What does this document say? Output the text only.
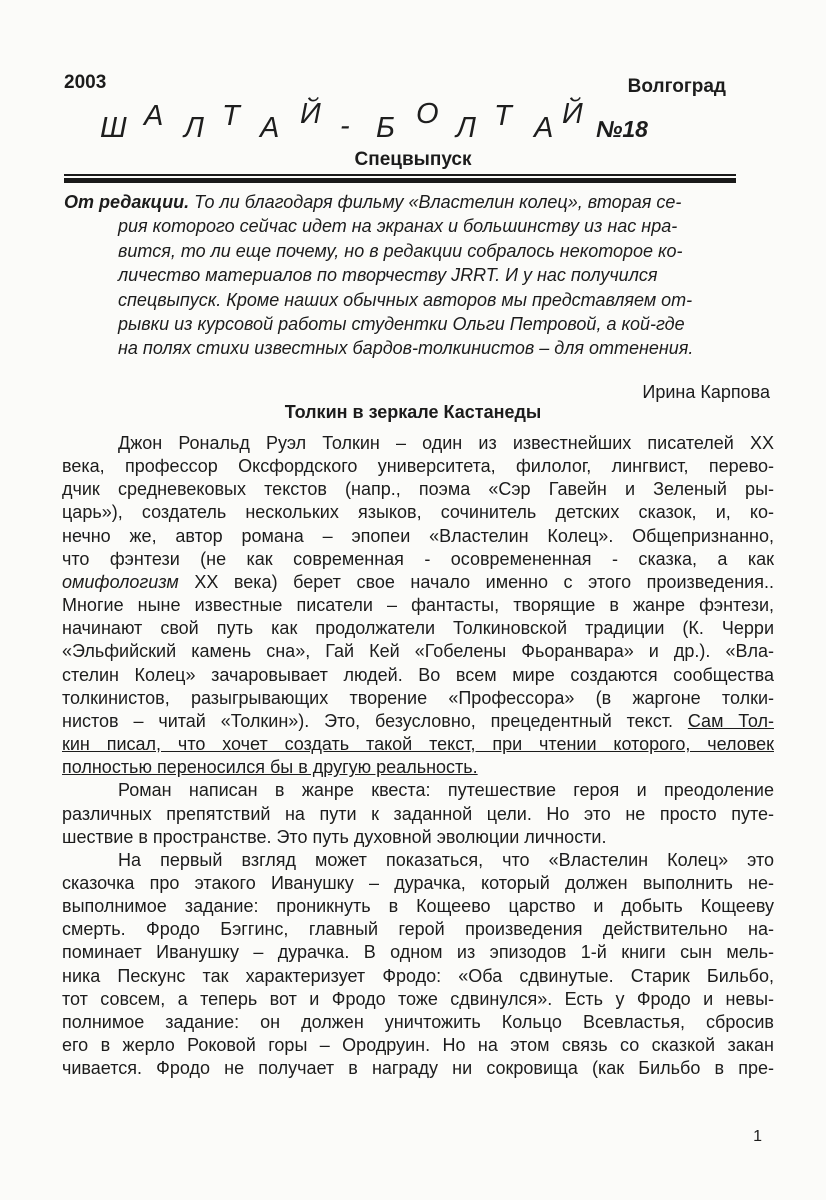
2003	Волгоград
Ш А Л Т А Й - Б О Л Т А Й №18
Спецвыпуск
От редакции. То ли благодаря фильму «Властелин колец», вторая се-
рия которого сейчас идет на экранах и большинству из нас нра-
вится, то ли еще почему, но в редакции собралось некоторое ко-
личество материалов по творчеству JRRT. И у нас получился
спецвыпуск. Кроме наших обычных авторов мы представляем от-
рывки из курсовой работы студентки Ольги Петровой, а кой-где
на полях стихи известных бардов-толкинистов – для оттенения.
Ирина Карпова
Толкин в зеркале Кастанеды
Джон Рональд Руэл Толкин – один из известнейших писателей XX
века, профессор Оксфордского университета, филолог, лингвист, перево-
дчик средневековых текстов (напр., поэма «Сэр Гавейн и Зеленый ры-
царь»), создатель нескольких языков, сочинитель детских сказок, и, ко-
нечно же, автор романа – эпопеи «Властелин Колец». Общепризнанно,
что фэнтези (не как современная - осовремененная - сказка, а как
омифологизм XX века) берет свое начало именно с этого произведения..
Многие ныне известные писатели – фантасты, творящие в жанре фэнтези,
начинают свой путь как продолжатели Толкиновской традиции (К. Черри
«Эльфийский камень сна», Гай Кей «Гобелены Фьоранвара» и др.). «Вла-
стелин Колец» зачаровывает людей. Во всем мире создаются сообщества
толкинистов, разыгрывающих творение «Профессора» (в жаргоне толки-
нистов – читай «Толкин»). Это, безусловно, прецедентный текст. Сам Тол-
кин писал, что хочет создать такой текст, при чтении которого, человек
полностью переносился бы в другую реальность.
Роман написан в жанре квеста: путешествие героя и преодоление
различных препятствий на пути к заданной цели. Но это не просто путе-
шествие в пространстве. Это путь духовной эволюции личности.
На первый взгляд может показаться, что «Властелин Колец» это
сказочка про этакого Иванушку – дурачка, который должен выполнить не-
выполнимое задание: проникнуть в Кощеево царство и добыть Кощееву
смерть. Фродо Бэггинс, главный герой произведения действительно на-
поминает Иванушку – дурачка. В одном из эпизодов 1-й книги сын мель-
ника Пескунс так характеризует Фродо: «Оба сдвинутые. Старик Бильбо,
тот совсем, а теперь вот и Фродо тоже сдвинулся». Есть у Фродо и невы-
полнимое задание: он должен уничтожить Кольцо Всевластья, сбросив
его в жерло Роковой горы – Ородруин. Но на этом связь со сказкой закан
чивается. Фродо не получает в награду ни сокровища (как Бильбо в пре-
1
